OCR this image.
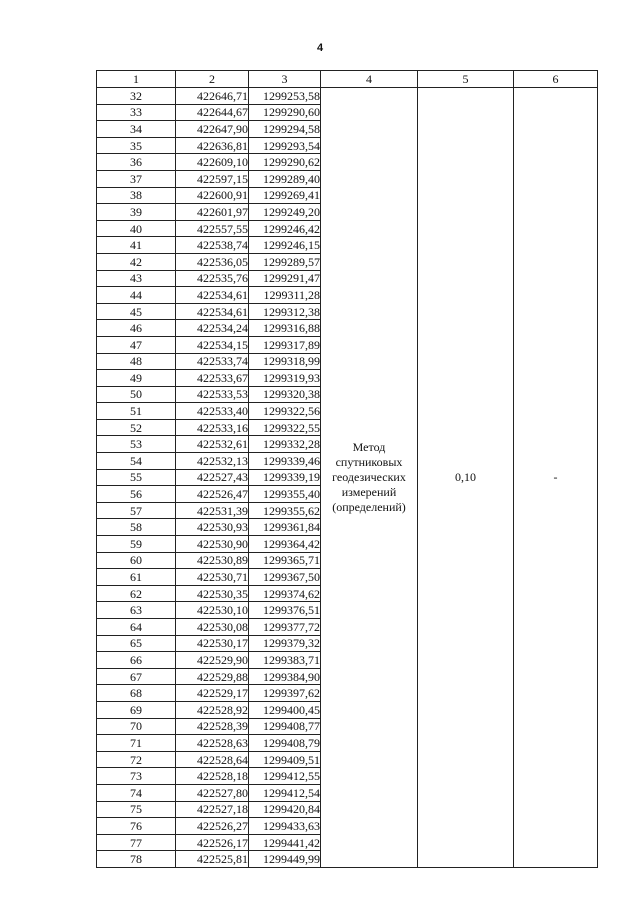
4
1	2	3	4	5	6
32	422646,71	1299253,58	Метод
спутниковых
геодезических
измерений
(определений)	0,10	-
33	422644,67	1299290,60			
34	422647,90	1299294,58			
35	422636,81	1299293,54			
36	422609,10	1299290,62			
37	422597,15	1299289,40			
38	422600,91	1299269,41			
39	422601,97	1299249,20			
40	422557,55	1299246,42			
41	422538,74	1299246,15			
42	422536,05	1299289,57			
43	422535,76	1299291,47			
44	422534,61	1299311,28			
45	422534,61	1299312,38			
46	422534,24	1299316,88			
47	422534,15	1299317,89			
48	422533,74	1299318,99			
49	422533,67	1299319,93			
50	422533,53	1299320,38			
51	422533,40	1299322,56			
52	422533,16	1299322,55			
53	422532,61	1299332,28			
54	422532,13	1299339,46			
55	422527,43	1299339,19			
56	422526,47	1299355,40			
57	422531,39	1299355,62			
58	422530,93	1299361,84			
59	422530,90	1299364,42			
60	422530,89	1299365,71			
61	422530,71	1299367,50			
62	422530,35	1299374,62			
63	422530,10	1299376,51			
64	422530,08	1299377,72			
65	422530,17	1299379,32			
66	422529,90	1299383,71			
67	422529,88	1299384,90			
68	422529,17	1299397,62			
69	422528,92	1299400,45			
70	422528,39	1299408,77			
71	422528,63	1299408,79			
72	422528,64	1299409,51			
73	422528,18	1299412,55			
74	422527,80	1299412,54			
75	422527,18	1299420,84			
76	422526,27	1299433,63			
77	422526,17	1299441,42			
78	422525,81	1299449,99			
